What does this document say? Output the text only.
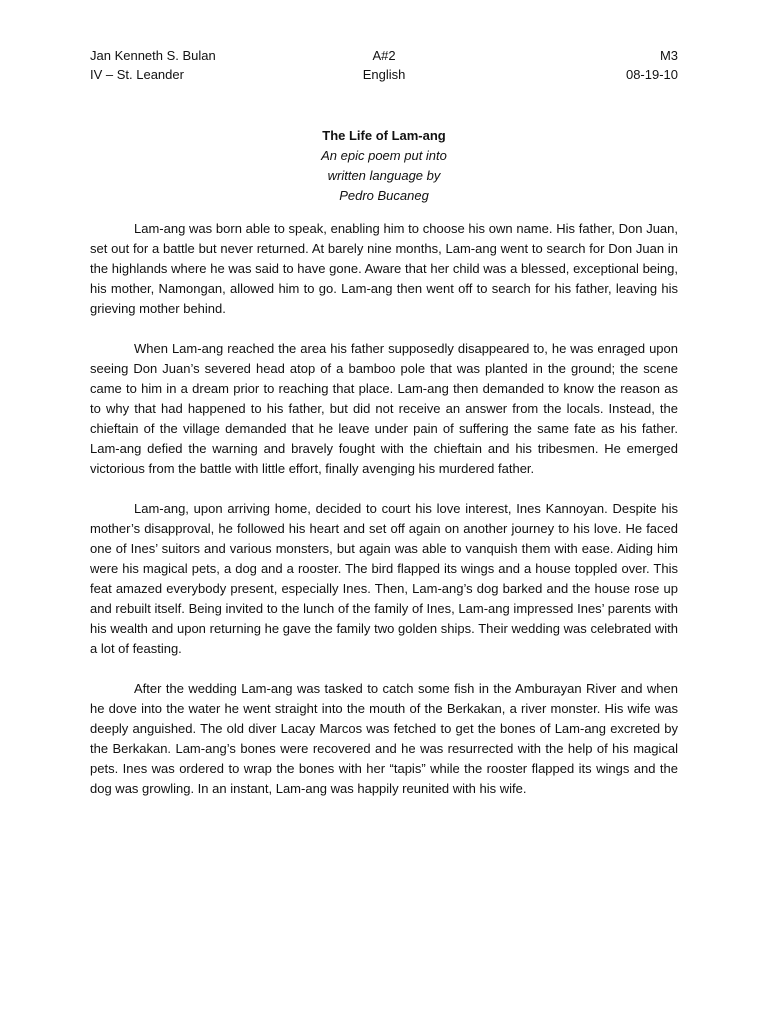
Jan Kenneth S. Bulan	A#2	M3
IV – St. Leander	English	08-19-10
The Life of Lam-ang
An epic poem put into
written language by
Pedro Bucaneg

Lam-ang was born able to speak, enabling him to choose his own name. His father, Don Juan, set out for a battle but never returned. At barely nine months, Lam-ang went to search for Don Juan in the highlands where he was said to have gone. Aware that her child was a blessed, exceptional being, his mother, Namongan, allowed him to go. Lam-ang then went off to search for his father, leaving his grieving mother behind.

When Lam-ang reached the area his father supposedly disappeared to, he was enraged upon seeing Don Juan’s severed head atop of a bamboo pole that was planted in the ground; the scene came to him in a dream prior to reaching that place. Lam-ang then demanded to know the reason as to why that had happened to his father, but did not receive an answer from the locals. Instead, the chieftain of the village demanded that he leave under pain of suffering the same fate as his father. Lam-ang defied the warning and bravely fought with the chieftain and his tribesmen. He emerged victorious from the battle with little effort, finally avenging his murdered father.

Lam-ang, upon arriving home, decided to court his love interest, Ines Kannoyan. Despite his mother’s disapproval, he followed his heart and set off again on another journey to his love. He faced one of Ines’ suitors and various monsters, but again was able to vanquish them with ease. Aiding him were his magical pets, a dog and a rooster. The bird flapped its wings and a house toppled over. This feat amazed everybody present, especially Ines. Then, Lam-ang’s dog barked and the house rose up and rebuilt itself. Being invited to the lunch of the family of Ines, Lam-ang impressed Ines’ parents with his wealth and upon returning he gave the family two golden ships. Their wedding was celebrated with a lot of feasting.

After the wedding Lam-ang was tasked to catch some fish in the Amburayan River and when he dove into the water he went straight into the mouth of the Berkakan, a river monster. His wife was deeply anguished. The old diver Lacay Marcos was fetched to get the bones of Lam-ang excreted by the Berkakan. Lam-ang’s bones were recovered and he was resurrected with the help of his magical pets. Ines was ordered to wrap the bones with her “tapis” while the rooster flapped its wings and the dog was growling. In an instant, Lam-ang was happily reunited with his wife.
